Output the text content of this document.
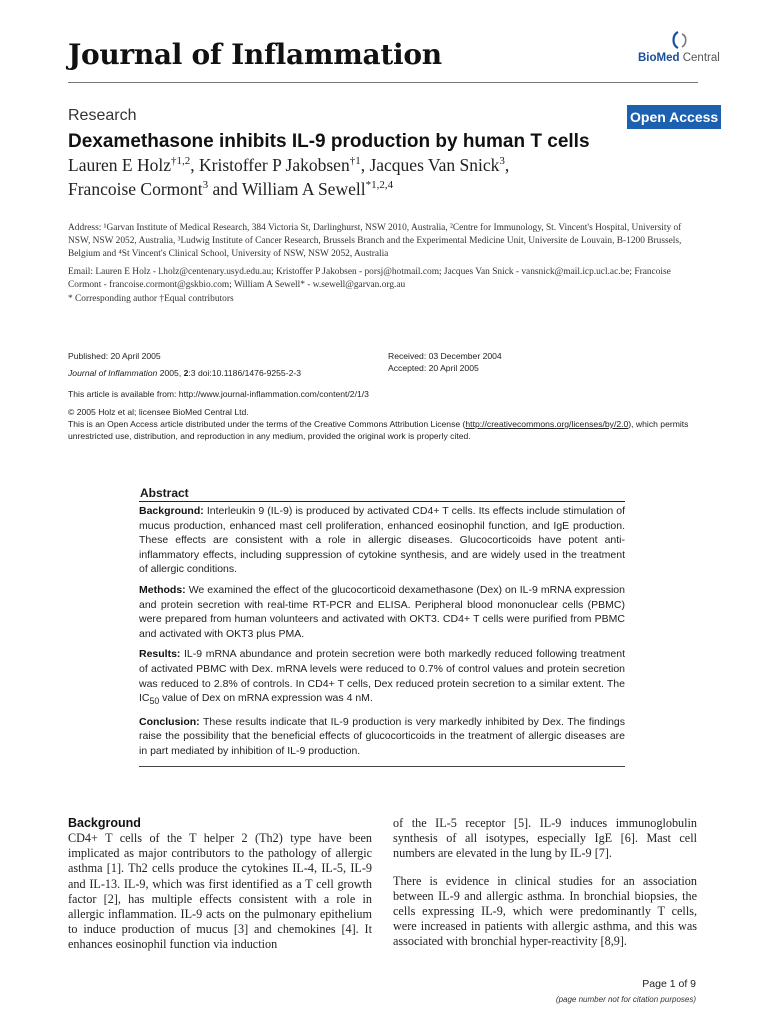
Journal of Inflammation	BioMed Central
Research	Open Access
Dexamethasone inhibits IL-9 production by human T cells
Lauren E Holz$^{\dagger 1,2}$, Kristoffer P Jakobsen$^{\dagger 1}$, Jacques Van Snick$^3$,
Francoise Cormont$^3$ and William A Sewell$^{*1,2,4}$

Address: ¹Garvan Institute of Medical Research, 384 Victoria St, Darlinghurst, NSW 2010, Australia, ²Centre for Immunology, St. Vincent's Hospital, University of NSW, NSW 2052, Australia, ³Ludwig Institute of Cancer Research, Brussels Branch and the Experimental Medicine Unit, Universite de Louvain, B-1200 Brussels, Belgium and ⁴St Vincent's Clinical School, University of NSW, NSW 2052, Australia

Email: Lauren E Holz - l.holz@centenary.usyd.edu.au; Kristoffer P Jakobsen - porsj@hotmail.com; Jacques Van Snick - vansnick@mail.icp.ucl.ac.be; Francoise Cormont - francoise.cormont@gskbio.com; William A Sewell* - w.sewell@garvan.org.au

* Corresponding author †Equal contributors
Published: 20 April 2005
Journal of Inflammation 2005, 2:3 doi:10.1186/1476-9255-2-3
Received: 03 December 2004
Accepted: 20 April 2005
This article is available from: http://www.journal-inflammation.com/content/2/1/3
© 2005 Holz et al; licensee BioMed Central Ltd.
This is an Open Access article distributed under the terms of the Creative Commons Attribution License (http://creativecommons.org/licenses/by/2.0), which permits unrestricted use, distribution, and reproduction in any medium, provided the original work is properly cited.
Abstract

Background: Interleukin 9 (IL-9) is produced by activated CD4+ T cells. Its effects include stimulation of mucus production, enhanced mast cell proliferation, enhanced eosinophil function, and IgE production. These effects are consistent with a role in allergic diseases. Glucocorticoids have potent anti-inflammatory effects, including suppression of cytokine synthesis, and are widely used in the treatment of allergic conditions.

Methods: We examined the effect of the glucocorticoid dexamethasone (Dex) on IL-9 mRNA expression and protein secretion with real-time RT-PCR and ELISA. Peripheral blood mononuclear cells (PBMC) were prepared from human volunteers and activated with OKT3. CD4+ T cells were purified from PBMC and activated with OKT3 plus PMA.

Results: IL-9 mRNA abundance and protein secretion were both markedly reduced following treatment of activated PBMC with Dex. mRNA levels were reduced to 0.7% of control values and protein secretion was reduced to 2.8% of controls. In CD4+ T cells, Dex reduced protein secretion to a similar extent. The $IC_{50}$ value of Dex on mRNA expression was 4 nM.

Conclusion: These results indicate that IL-9 production is very markedly inhibited by Dex. The findings raise the possibility that the beneficial effects of glucocorticoids in the treatment of allergic diseases are in part mediated by inhibition of IL-9 production.

Background

CD4+ T cells of the T helper 2 (Th2) type have been implicated as major contributors to the pathology of allergic asthma [1]. Th2 cells produce the cytokines IL-4, IL-5, IL-9 and IL-13. IL-9, which was first identified as a T cell growth factor [2], has multiple effects consistent with a role in allergic inflammation. IL-9 acts on the pulmonary epithelium to induce production of mucus [3] and chemokines [4]. It enhances eosinophil function via induction

of the IL-5 receptor [5]. IL-9 induces immunoglobulin synthesis of all isotypes, especially IgE [6]. Mast cell numbers are elevated in the lung by IL-9 [7].

There is evidence in clinical studies for an association between IL-9 and allergic asthma. In bronchial biopsies, the cells expressing IL-9, which were predominantly T cells, were increased in patients with allergic asthma, and this was associated with bronchial hyper-reactivity [8,9].

Page 1 of 9
(page number not for citation purposes)
